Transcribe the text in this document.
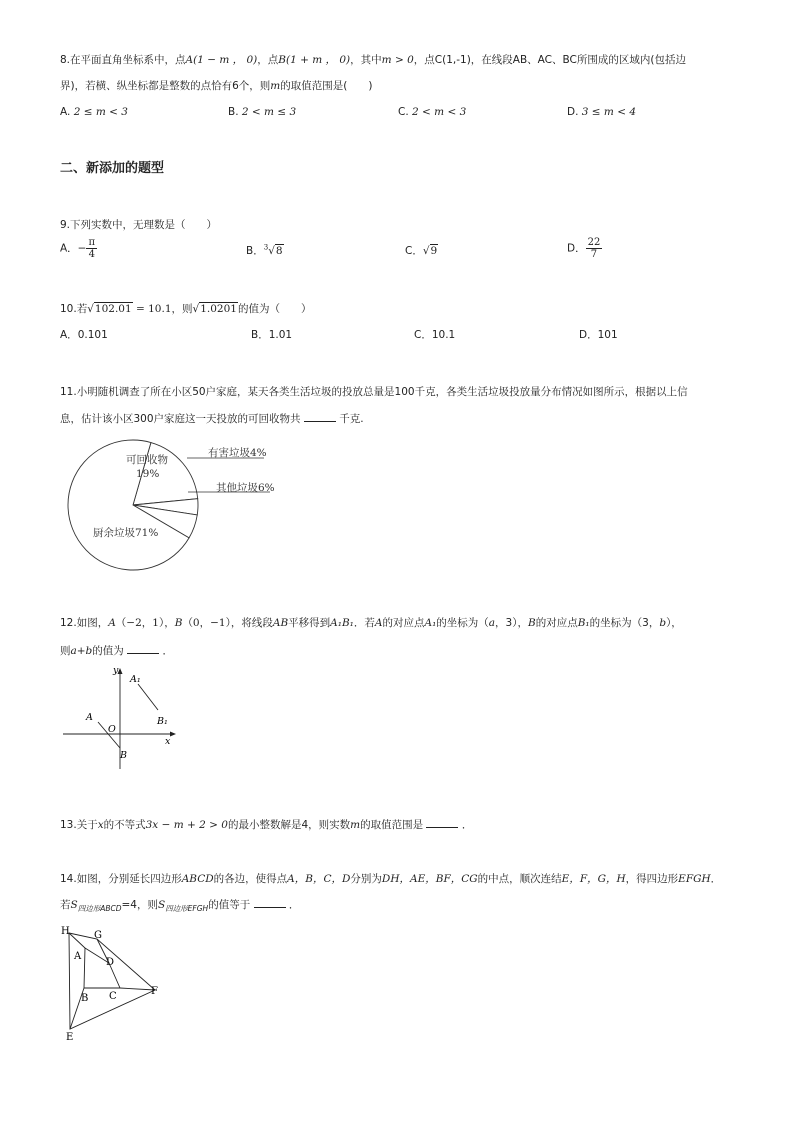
8.在平面直角坐标系中，点A(1 − m ， 0)，点B(1 + m ， 0)，其中m > 0，点C(1,-1)，在线段AB、AC、BC所围成的区域内(包括边
界)，若横、纵坐标都是整数的点恰有6个，则m的取值范围是(　　)
A. 2 ≤ m < 3	B. 2 < m ≤ 3	C. 2 < m < 3	D. 3 ≤ m < 4
二、新添加的题型
9.下列实数中，无理数是（　　）
A．− $\frac{\pi}{4}$	B．$^3$√8	C．√9	D． $\frac{22}{7}$
10.若√102.01 = 10.1，则√1.0201的值为（　　）
A．0.101	B．1.01	C．10.1	D．101
11.小明随机调查了所在小区50户家庭，某天各类生活垃圾的投放总量是100千克，各类生活垃圾投放量分布情况如图所示，根据以上信
息，估计该小区300户家庭这一天投放的可回收物共	千克.
可回收物
19%
有害垃圾4%
其他垃圾6%
厨余垃圾71%
12.如图，A（−2，1），B（0，−1），将线段AB平移得到A₁B₁．若A的对应点A₁的坐标为（a，3），B的对应点B₁的坐标为（3，b），
则a+b的值为	．
y
x
O
A
B
A₁
B₁
13.关于x的不等式3x − m + 2 > 0的最小整数解是4，则实数m的取值范围是	．
14.如图，分别延长四边形ABCD的各边，使得点A，B，C，D分别为DH，AE，BF，CG的中点，顺次连结E，F，G，H，得四边形EFGH．
若$S_{四边形ABCD}=4$，则$S_{四边形EFGH}$的值等于	．
H G
A
D
B C	F
E
